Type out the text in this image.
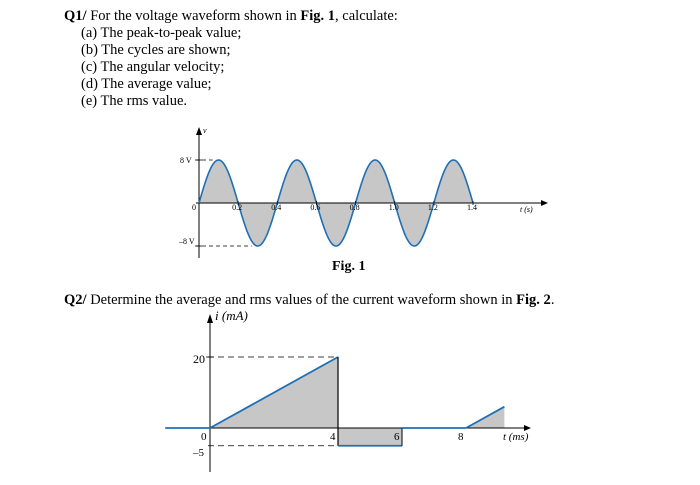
Q1/ For the voltage waveform shown in Fig. 1, calculate:
(a) The peak-to-peak value;
(b) The cycles are shown;
(c) The angular velocity;
(d) The average value;
(e) The rms value.
v
t (s)
8 V
–8 V
0	0.2	0.4	0.6	0.8	1.0	1.2	1.4
Fig. 1
Q2/ Determine the average and rms values of the current waveform shown in Fig. 2.
i (mA)
t (ms)
20
0
–5
4	6	8
